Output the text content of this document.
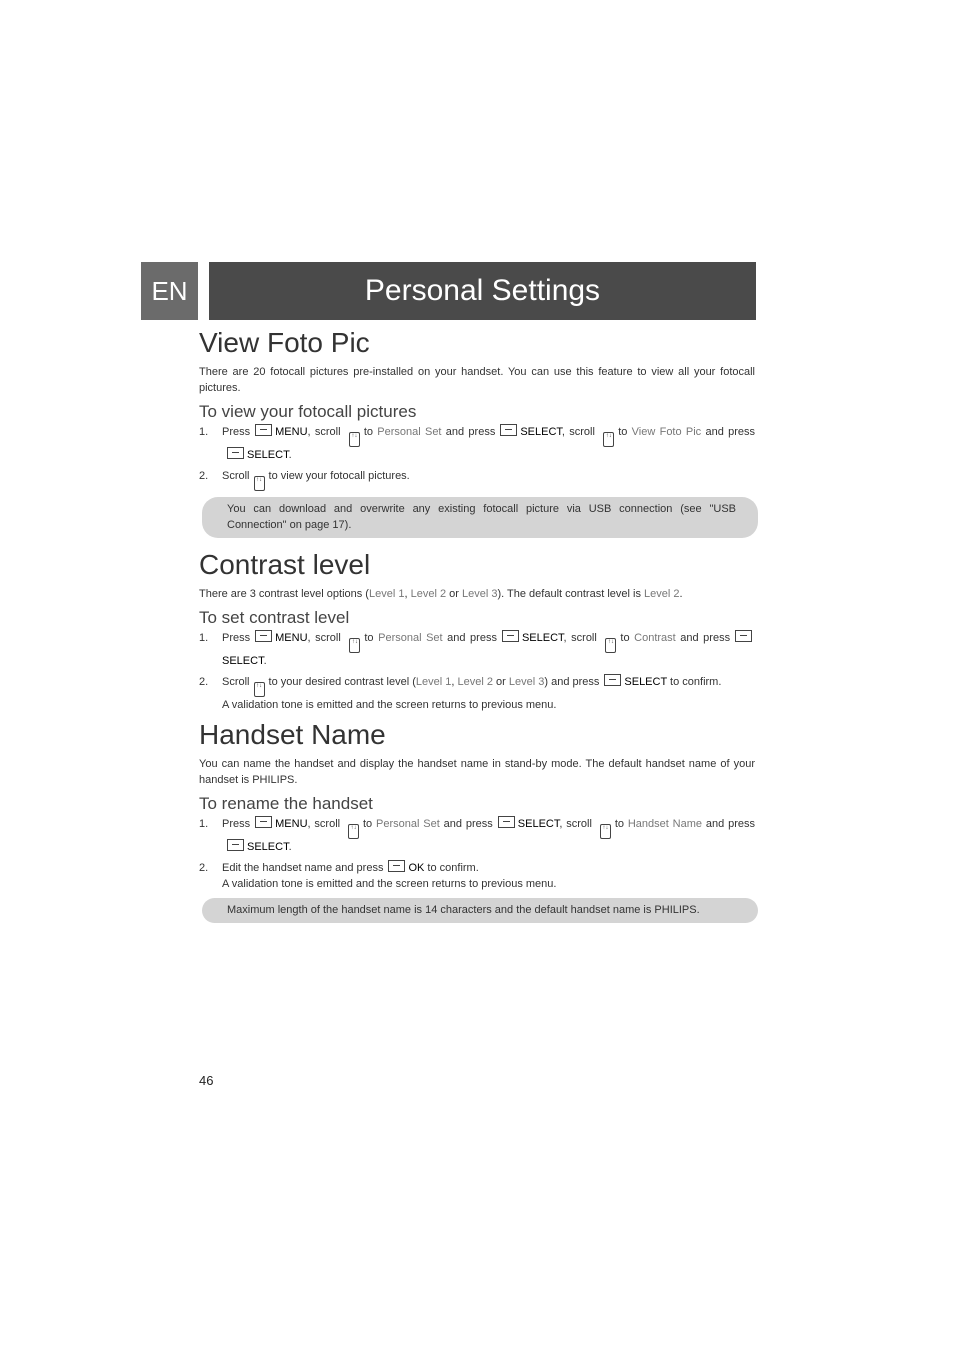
EN	Personal Settings
View Foto Pic

There are 20 fotocall pictures pre-installed on your handset. You can use this feature to view all your fotocall pictures.

To view your fotocall pictures
1. Press MENU, scroll ↑↓ to Personal Set and press SELECT, scroll ↑↓ to View Foto Pic and pressSELECT.
2. Scroll ↑↓ to view your fotocall pictures.
You can download and overwrite any existing fotocall picture via USB connection (see "USB Connection" on page 17).
Contrast level

There are 3 contrast level options (Level 1, Level 2 or Level 3). The default contrast level is Level 2.

To set contrast level
1. Press MENU, scroll ↑↓ to Personal Set and press SELECT, scroll ↑↓ to Contrast and pressSELECT.
2. Scroll ↑↓ to your desired contrast level (Level 1, Level 2 or Level 3) and press SELECT to confirm.
A validation tone is emitted and the screen returns to previous menu.
Handset Name

You can name the handset and display the handset name in stand-by mode. The default handset name of your handset is PHILIPS.

To rename the handset
1. Press MENU, scroll ↑↓ to Personal Set and press SELECT, scroll ↑↓ to Handset Name and pressSELECT.
2. Edit the handset name and press OK to confirm.
A validation tone is emitted and the screen returns to previous menu.
Maximum length of the handset name is 14 characters and the default handset name is PHILIPS.
46
